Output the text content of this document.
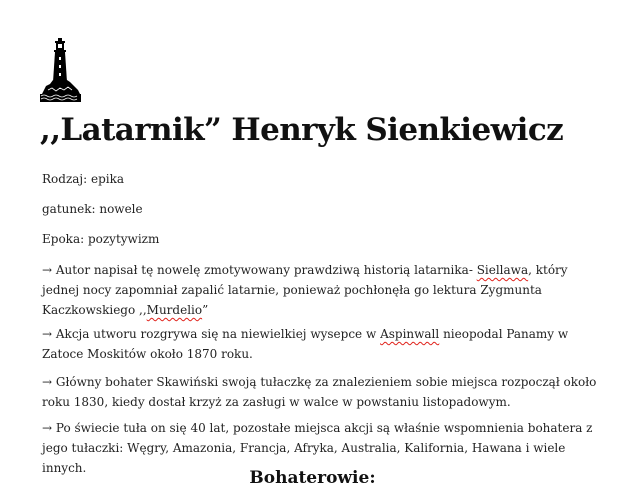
,,Latarnik” Henryk Sienkiewicz

Rodzaj: epika

gatunek: nowele

Epoka: pozytywizm

→ Autor napisał tę nowelę zmotywowany prawdziwą historią latarnika- Siellawa, który jednej nocy zapomniał zapalić latarnie, ponieważ pochłonęła go lektura Zygmunta Kaczkowskiego ,,Murdelio”

→ Akcja utworu rozgrywa się na niewielkiej wysepce w Aspinwall nieopodal Panamy w Zatoce Moskitów około 1870 roku.

→ Główny bohater Skawiński swoją tułaczkę za znalezieniem sobie miejsca rozpoczął około roku 1830, kiedy dostał krzyż za zasługi w walce w powstaniu listopadowym.

→ Po świecie tuła on się 40 lat, pozostałe miejsca akcji są właśnie wspomnienia bohatera z jego tułaczki: Węgry, Amazonia, Francja, Afryka, Australia, Kalifornia, Hawana i wiele innych.	Bohaterowie:
